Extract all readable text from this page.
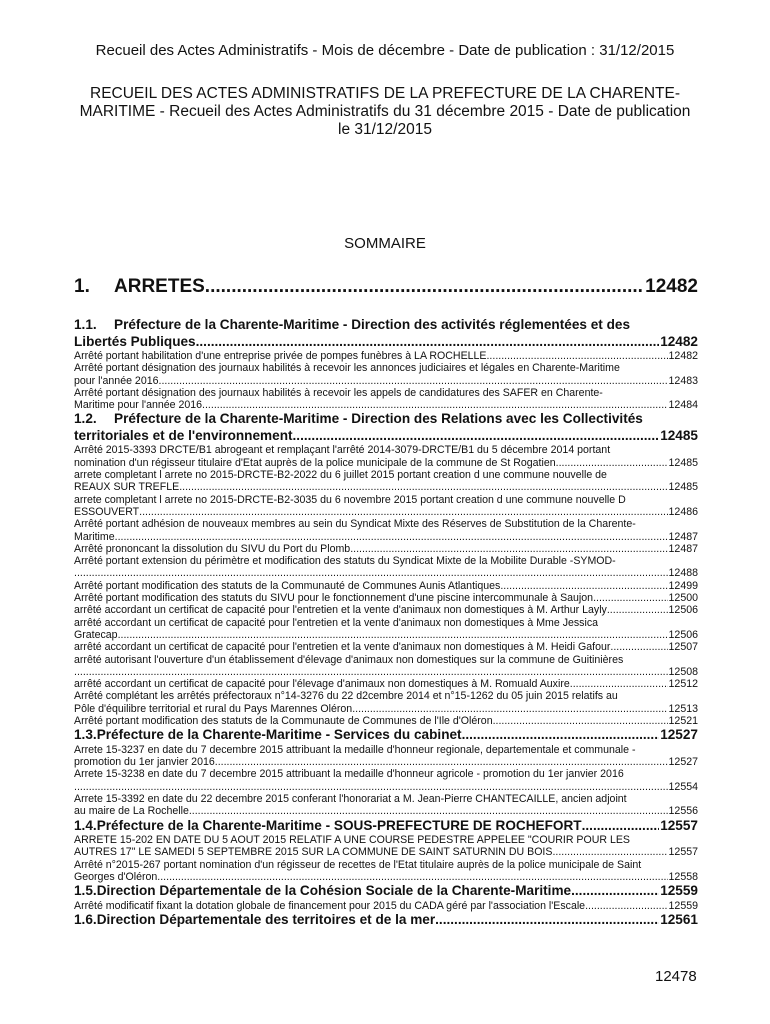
Recueil des Actes Administratifs - Mois de décembre - Date de publication : 31/12/2015
RECUEIL DES ACTES ADMINISTRATIFS DE LA PREFECTURE DE LA CHARENTE-
MARITIME - Recueil des Actes Administratifs du 31 décembre 2015 - Date de publication
le 31/12/2015
SOMMAIRE
1.	ARRETES .....	12482
1.1. Préfecture de la Charente-Maritime - Direction des activités réglementées et des
Libertés Publiques .....	12482
Arrêté portant habilitation d'une entreprise privée de pompes funèbres à LA ROCHELLE .....	12482
Arrêté portant désignation des journaux habilités à recevoir les annonces judiciaires et légales en Charente-Maritime
pour l'année 2016 .....	12483
Arrêté portant désignation des journaux habilités à recevoir les appels de candidatures des SAFER en Charente-
Maritime pour l'année 2016 .....	12484
1.2. Préfecture de la Charente-Maritime - Direction des Relations avec les Collectivités
territoriales et de l'environnement .....	12485
Arrêté 2015-3393 DRCTE/B1 abrogeant et remplaçant l'arrêté 2014-3079-DRCTE/B1 du 5 décembre 2014 portant
nomination d'un régisseur titulaire d'Etat auprès de la police municipale de la commune de St Rogatien .....	12485
arrete completant l arrete no 2015-DRCTE-B2-2022 du 6 juillet 2015 portant creation d une commune nouvelle de
REAUX SUR TREFLE .....	12485
arrete completant l arrete no 2015-DRCTE-B2-3035 du 6 novembre 2015 portant creation d une commune nouvelle D
ESSOUVERT .....	12486
Arrêté portant adhésion de nouveaux membres au sein du Syndicat Mixte des Réserves de Substitution de la Charente-
Maritime .....	12487
Arrêté prononcant la dissolution du SIVU du Port du Plomb .....	12487
Arrêté portant extension du périmètre et modification des statuts du Syndicat Mixte de la Mobilite Durable -SYMOD-
.....
12488
Arrêté portant modification des statuts de la Communauté de Communes Aunis Atlantiques .....	12499
Arrêté portant modification des statuts du SIVU pour le fonctionnement d'une piscine intercommunale à Saujon .....	12500
arrêté accordant un certificat de capacité pour l'entretien et la vente d'animaux non domestiques à M. Arthur Layly .....	12506
arrêté accordant un certificat de capacité pour l'entretien et la vente d'animaux non domestiques à Mme Jessica
Gratecap .....	12506
arrêté accordant un certificat de capacité pour l'entretien et la vente d'animaux non domestiques à M. Heidi Gafour .....	12507
arrêté autorisant l'ouverture d'un établissement d'élevage d'animaux non domestiques sur la commune de Guitinières
.....
12508
arrêté accordant un certificat de capacité pour l'élevage d'animaux non domestiques à M. Romuald Auxire .....	12512
Arrêté complétant les arrêtés préfectoraux n°14-3276 du 22 d2cembre 2014 et n°15-1262 du 05 juin 2015 relatifs au
Pôle d'équilibre territorial et rural du Pays Marennes Oléron .....	12513
Arrêté portant modification des statuts de la Communaute de Communes de l'Ile d'Oléron .....	12521
1.3. Préfecture de la Charente-Maritime - Services du cabinet .....	12527
Arrete 15-3237 en date du 7 decembre 2015 attribuant la medaille d'honneur regionale, departementale et communale -
promotion du 1er janvier 2016 .....	12527
Arrete 15-3238 en date du 7 decembre 2015 attribuant la medaille d'honneur agricole - promotion du 1er janvier 2016
.....
12554
Arrete 15-3392 en date du 22 decembre 2015 conferant l'honorariat a M. Jean-Pierre CHANTECAILLE, ancien adjoint
au maire de La Rochelle .....	12556
1.4. Préfecture de la Charente-Maritime - SOUS-PREFECTURE DE ROCHEFORT .....	12557
ARRETE 15-202 EN DATE DU 5 AOUT 2015 RELATIF A UNE COURSE PEDESTRE APPELEE "COURIR POUR LES
AUTRES 17" LE SAMEDI 5 SEPTEMBRE 2015 SUR LA COMMUNE DE SAINT SATURNIN DU BOIS .....	12557
Arrêté n°2015-267 portant nomination d'un régisseur de recettes de l'Etat titulaire auprès de la police municipale de Saint
Georges d'Oléron .....	12558
1.5. Direction Départementale de la Cohésion Sociale de la Charente-Maritime .....	12559
Arrêté modificatif fixant la dotation globale de financement pour 2015 du CADA géré par l'association l'Escale .....	12559
1.6. Direction Départementale des territoires et de la mer .....	12561
12478
